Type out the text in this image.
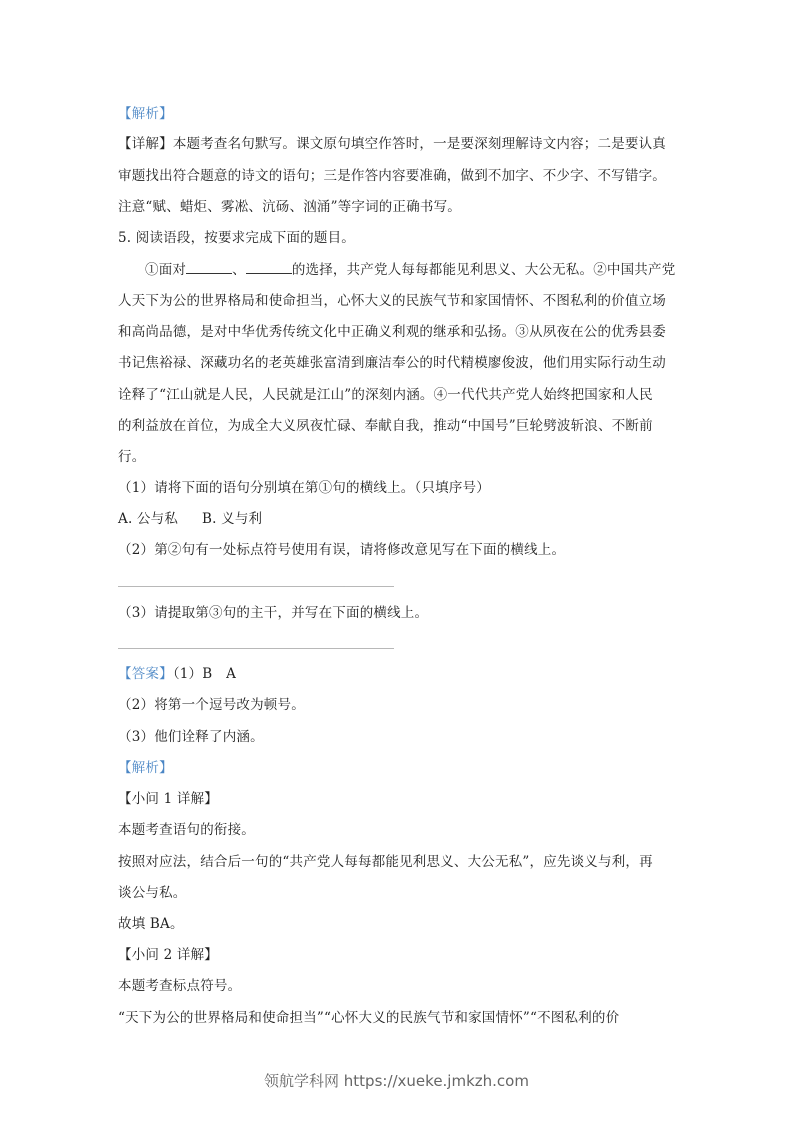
【解析】
【详解】本题考查名句默写。课文原句填空作答时，一是要深刻理解诗文内容；二是要认真
审题找出符合题意的诗文的语句；三是作答内容要准确，做到不加字、不少字、不写错字。
注意“赋、蜡炬、雾凇、沆砀、汹涌”等字词的正确书写。
5. 阅读语段，按要求完成下面的题目。
①面对	、	的选择，共产党人每每都能见利思义、大公无私。②中国共产党
人天下为公的世界格局和使命担当，心怀大义的民族气节和家国情怀、不图私利的价值立场
和高尚品德，是对中华优秀传统文化中正确义利观的继承和弘扬。③从夙夜在公的优秀县委
书记焦裕禄、深藏功名的老英雄张富清到廉洁奉公的时代精模廖俊波，他们用实际行动生动
诠释了“江山就是人民，人民就是江山”的深刻内涵。④一代代共产党人始终把国家和人民
的利益放在首位，为成全大义夙夜忙碌、奉献自我，推动“中国号”巨轮劈波斩浪、不断前
行。
（1）请将下面的语句分别填在第①句的横线上。（只填序号）
A. 公与私 B. 义与利
（2）第②句有一处标点符号使用有误，请将修改意见写在下面的横线上。
（3）请提取第③句的主干，并写在下面的横线上。
【答案】（1）B　A
（2）将第一个逗号改为顿号。
（3）他们诠释了内涵。
【解析】
【小问 1 详解】
本题考查语句的衔接。
按照对应法，结合后一句的“共产党人每每都能见利思义、大公无私”，应先谈义与利，再
谈公与私。
故填 BA。
【小问 2 详解】
本题考查标点符号。
“天下为公的世界格局和使命担当”“心怀大义的民族气节和家国情怀”“不图私利的价
领航学科网 https://xueke.jmkzh.com
